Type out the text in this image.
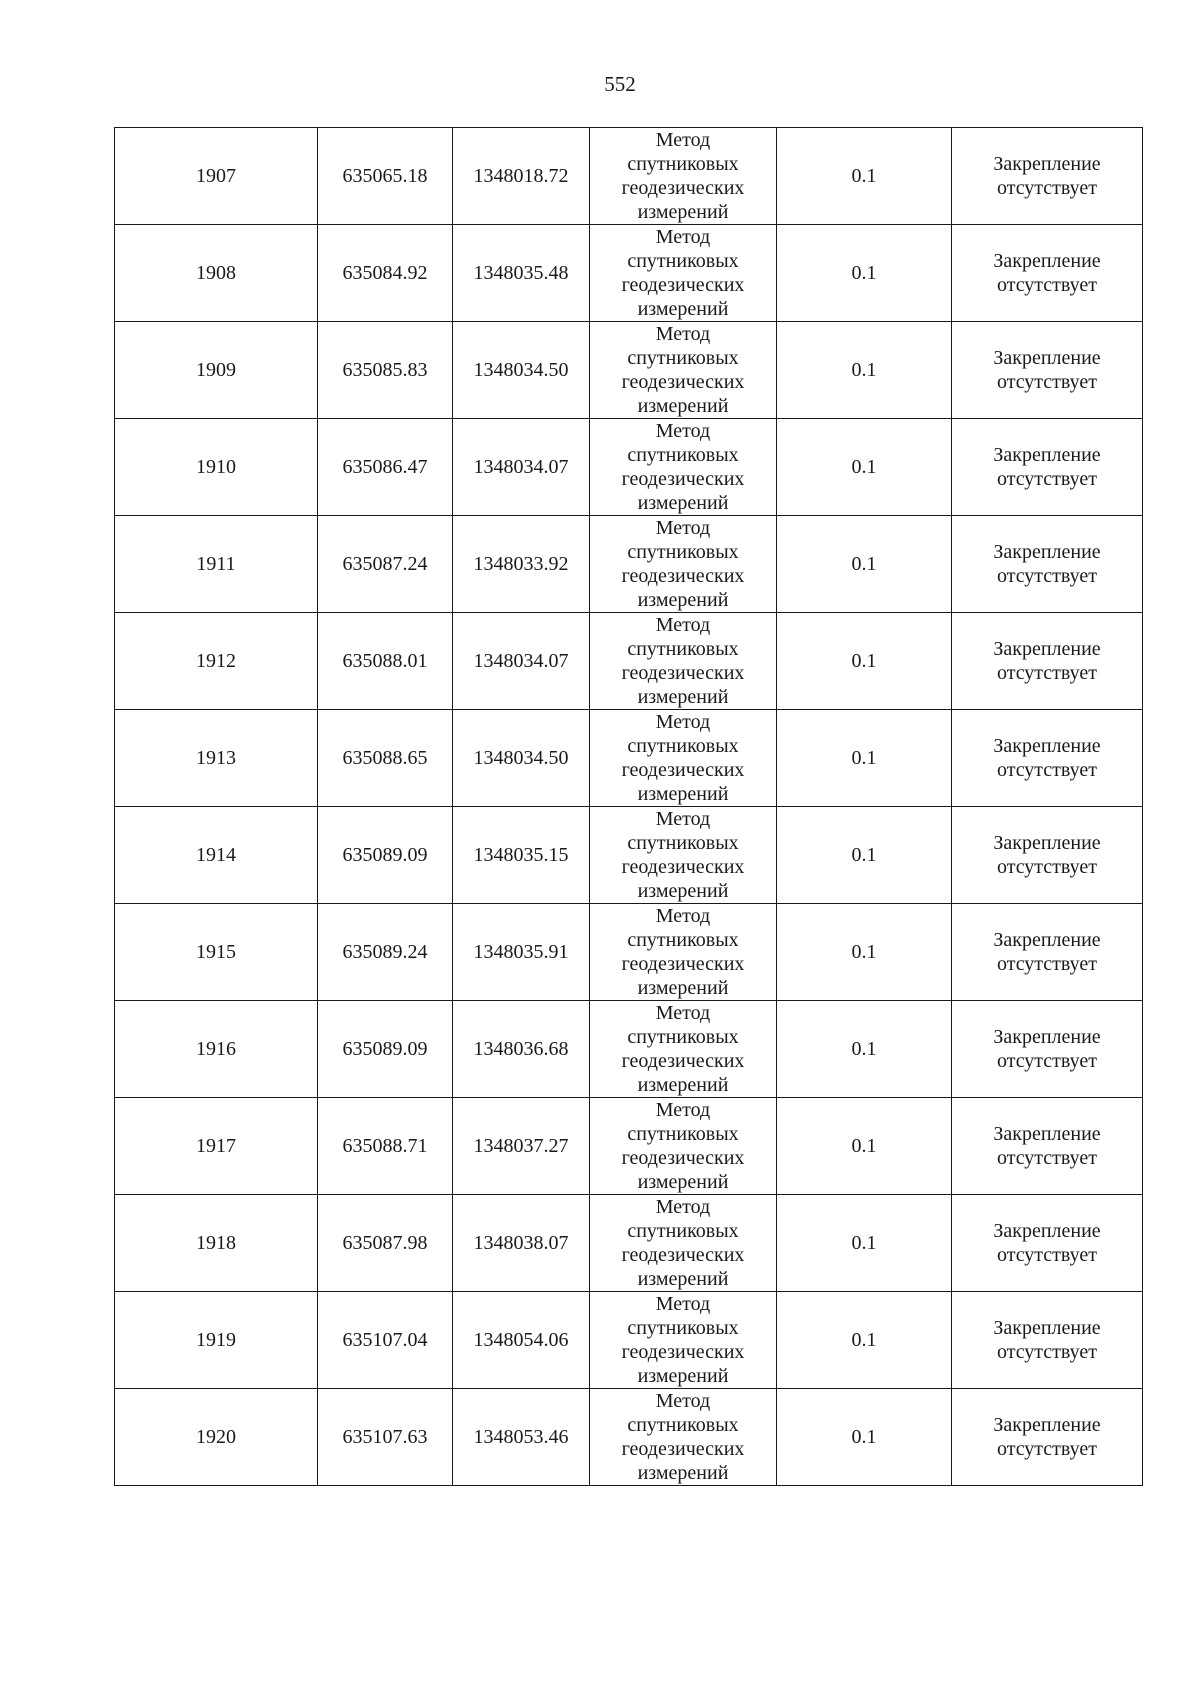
552
1907	635065.18	1348018.72	Метод
спутниковых
геодезических
измерений	0.1	Закрепление
отсутствует

1908	635084.92	1348035.48	Метод
спутниковых
геодезических
измерений	0.1	Закрепление
отсутствует

1909	635085.83	1348034.50	Метод
спутниковых
геодезических
измерений	0.1	Закрепление
отсутствует

1910	635086.47	1348034.07	Метод
спутниковых
геодезических
измерений	0.1	Закрепление
отсутствует

1911	635087.24	1348033.92	Метод
спутниковых
геодезических
измерений	0.1	Закрепление
отсутствует

1912	635088.01	1348034.07	Метод
спутниковых
геодезических
измерений	0.1	Закрепление
отсутствует

1913	635088.65	1348034.50	Метод
спутниковых
геодезических
измерений	0.1	Закрепление
отсутствует

1914	635089.09	1348035.15	Метод
спутниковых
геодезических
измерений	0.1	Закрепление
отсутствует

1915	635089.24	1348035.91	Метод
спутниковых
геодезических
измерений	0.1	Закрепление
отсутствует

1916	635089.09	1348036.68	Метод
спутниковых
геодезических
измерений	0.1	Закрепление
отсутствует

1917	635088.71	1348037.27	Метод
спутниковых
геодезических
измерений	0.1	Закрепление
отсутствует

1918	635087.98	1348038.07	Метод
спутниковых
геодезических
измерений	0.1	Закрепление
отсутствует

1919	635107.04	1348054.06	Метод
спутниковых
геодезических
измерений	0.1	Закрепление
отсутствует

1920	635107.63	1348053.46	Метод
спутниковых
геодезических
измерений	0.1	Закрепление
отсутствует
